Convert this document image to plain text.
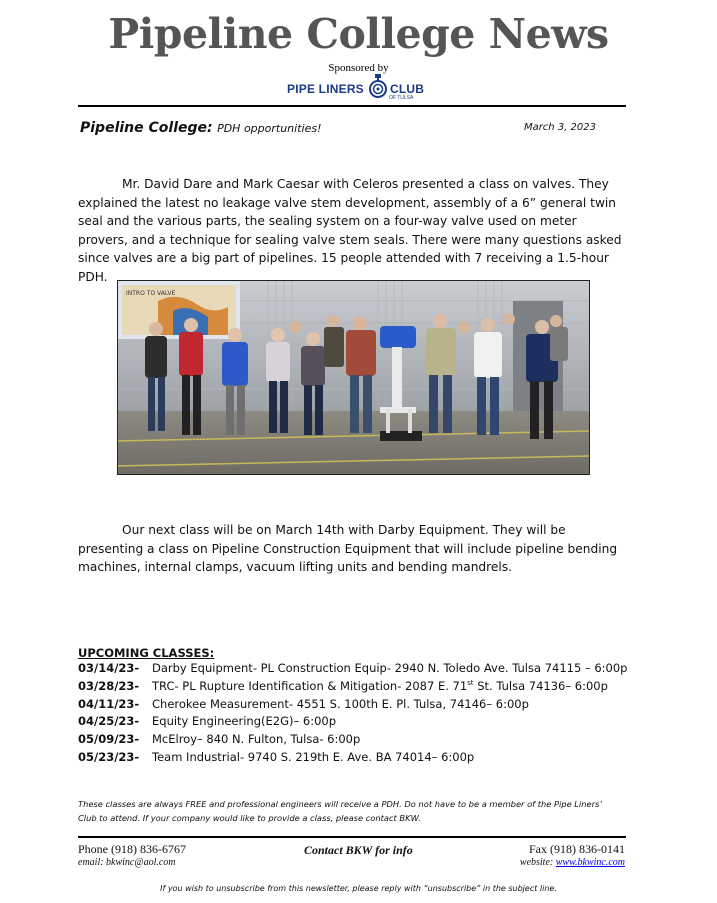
Pipeline College News
Sponsored by
PIPE LINERS CLUB
OF TULSA
Pipeline College: PDH opportunities!	March 3, 2023
Mr. David Dare and Mark Caesar with Celeros presented a class on valves. They explained the latest no leakage valve stem development, assembly of a 6” general twin seal and the various parts, the sealing system on a four-way valve used on meter provers, and a technique for sealing valve stem seals. There were many questions asked since valves are a big part of pipelines. 15 people attended with 7 receiving a 1.5-hour PDH.
INTRO TO VALVE
Our next class will be on March 14th with Darby Equipment. They will be presenting a class on Pipeline Construction Equipment that will include pipeline bending machines, internal clamps, vacuum lifting units and bending mandrels.
UPCOMING CLASSES:
03/14/23- Darby Equipment- PL Construction Equip- 2940 N. Toledo Ave. Tulsa 74115 – 6:00p
03/28/23- TRC- PL Rupture Identification & Mitigation- 2087 E. 71st St. Tulsa 74136– 6:00p
04/11/23- Cherokee Measurement- 4551 S. 100th E. Pl. Tulsa, 74146– 6:00p
04/25/23- Equity Engineering(E2G)– 6:00p
05/09/23- McElroy– 840 N. Fulton, Tulsa- 6:00p
05/23/23- Team Industrial- 9740 S. 219th E. Ave. BA 74014– 6:00p
These classes are always FREE and professional engineers will receive a PDH. Do not have to be a member of the Pipe Liners’ Club to attend. If your company would like to provide a class, please contact BKW.
Phone (918) 836-6767
email: bkwinc@aol.com
Contact BKW for info	Fax (918) 836-0141
website: www.bkwinc.com
If you wish to unsubscribe from this newsletter, please reply with “unsubscribe” in the subject line.
